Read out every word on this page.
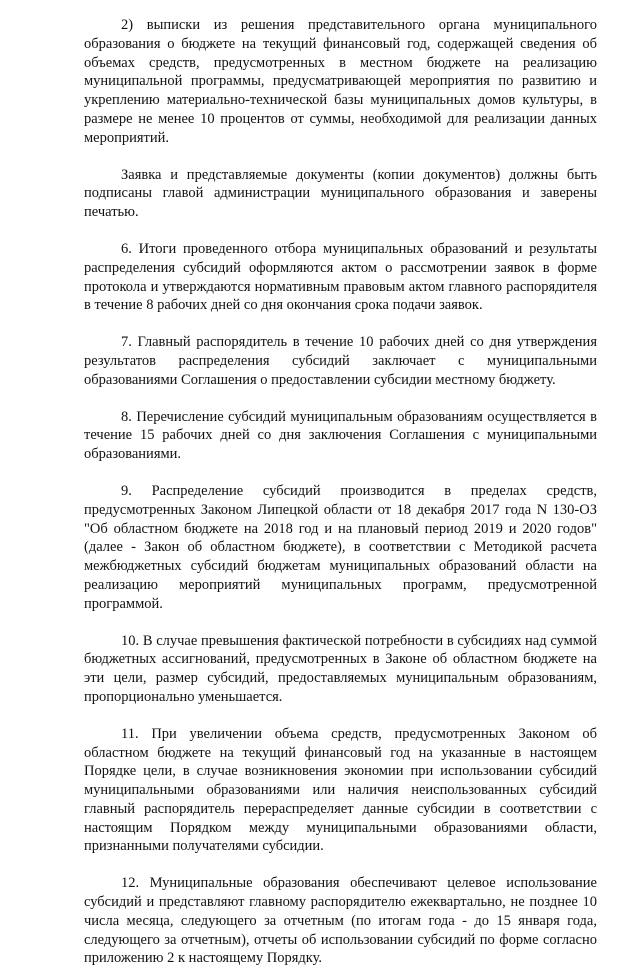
2) выписки из решения представительного органа муниципального образования о бюджете на текущий финансовый год, содержащей сведения об объемах средств, предусмотренных в местном бюджете на реализацию муниципальной программы, предусматривающей мероприятия по развитию и укреплению материально-технической базы муниципальных домов культуры, в размере не менее 10 процентов от суммы, необходимой для реализации данных мероприятий.

Заявка и представляемые документы (копии документов) должны быть подписаны главой администрации муниципального образования и заверены печатью.

6. Итоги проведенного отбора муниципальных образований и результаты распределения субсидий оформляются актом о рассмотрении заявок в форме протокола и утверждаются нормативным правовым актом главного распорядителя в течение 8 рабочих дней со дня окончания срока подачи заявок.

7. Главный распорядитель в течение 10 рабочих дней со дня утверждения результатов распределения субсидий заключает с муниципальными образованиями Соглашения о предоставлении субсидии местному бюджету.

8. Перечисление субсидий муниципальным образованиям осуществляется в течение 15 рабочих дней со дня заключения Соглашения с муниципальными образованиями.

9. Распределение субсидий производится в пределах средств, предусмотренных Законом Липецкой области от 18 декабря 2017 года N 130-ОЗ "Об областном бюджете на 2018 год и на плановый период 2019 и 2020 годов" (далее - Закон об областном бюджете), в соответствии с Методикой расчета межбюджетных субсидий бюджетам муниципальных образований области на реализацию мероприятий муниципальных программ, предусмотренной программой.

10. В случае превышения фактической потребности в субсидиях над суммой бюджетных ассигнований, предусмотренных в Законе об областном бюджете на эти цели, размер субсидий, предоставляемых муниципальным образованиям, пропорционально уменьшается.

11. При увеличении объема средств, предусмотренных Законом об областном бюджете на текущий финансовый год на указанные в настоящем Порядке цели, в случае возникновения экономии при использовании субсидий муниципальными образованиями или наличия неиспользованных субсидий главный распорядитель перераспределяет данные субсидии в соответствии с настоящим Порядком между муниципальными образованиями области, признанными получателями субсидии.

12. Муниципальные образования обеспечивают целевое использование субсидий и представляют главному распорядителю ежеквартально, не позднее 10 числа месяца, следующего за отчетным (по итогам года - до 15 января года, следующего за отчетным), отчеты об использовании субсидий по форме согласно приложению 2 к настоящему Порядку.
